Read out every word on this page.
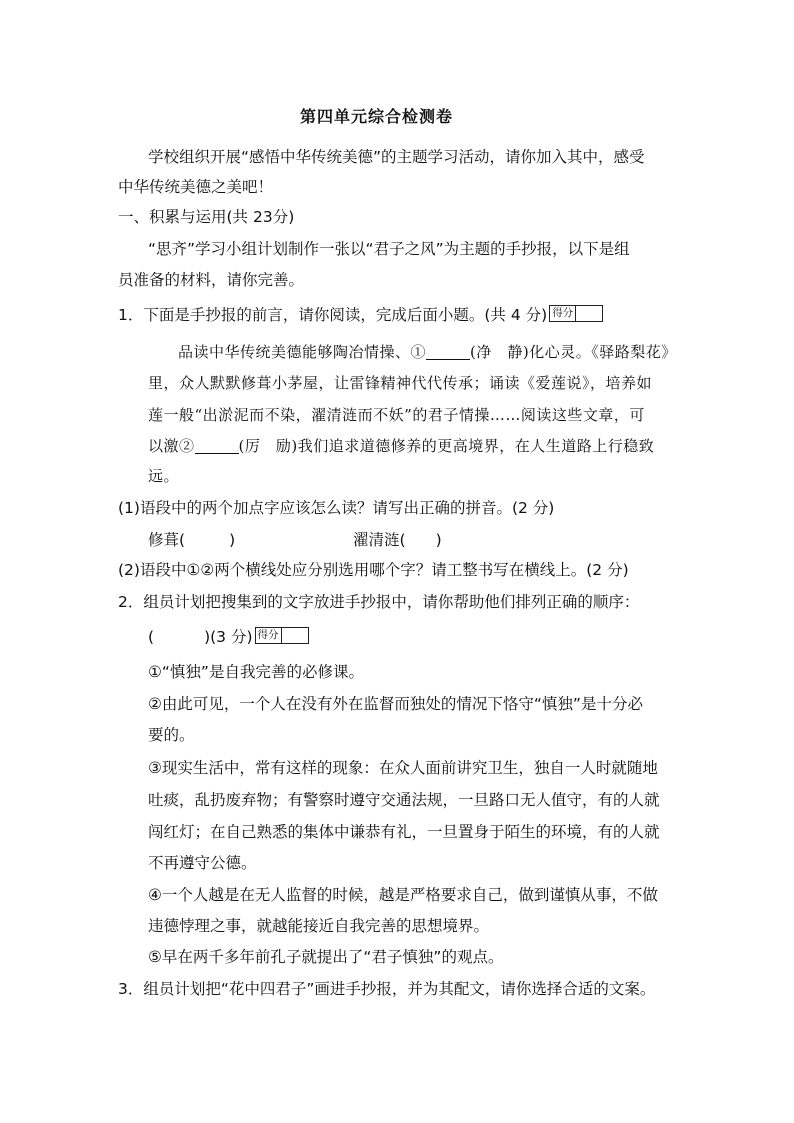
第四单元综合检测卷
学校组织开展“感悟中华传统美德”的主题学习活动，请你加入其中，感受
中华传统美德之美吧！
一、积累与运用(共 23分)
“思齐”学习小组计划制作一张以“君子之风”为主题的手抄报，以下是组
员准备的材料，请你完善。
1．下面是手抄报的前言，请你阅读，完成后面小题。(共 4 分) 得分
品读中华传统美德能够陶冶情操、①	(净　静)化心灵。《驿路梨花》
里，众人默默修葺小茅屋，让雷锋精神代代传承；诵读《爱莲说》，培养如
莲一般“出淤泥而不染，濯清涟而不妖”的君子情操……阅读这些文章，可
以激②	(厉　励)我们追求道德修养的更高境界，在人生道路上行稳致
远。
(1)语段中的两个加点字应该怎么读？请写出正确的拼音。(2 分)
修葺(	)	濯清涟( )
(2)语段中①②两个横线处应分别选用哪个字？请工整书写在横线上。(2 分)
2．组员计划把搜集到的文字放进手抄报中，请你帮助他们排列正确的顺序：
(	)(3 分) 得分
①“慎独”是自我完善的必修课。
②由此可见，一个人在没有外在监督而独处的情况下恪守“慎独”是十分必
要的。
③现实生活中，常有这样的现象：在众人面前讲究卫生，独自一人时就随地
吐痰，乱扔废弃物；有警察时遵守交通法规，一旦路口无人值守，有的人就
闯红灯；在自己熟悉的集体中谦恭有礼，一旦置身于陌生的环境，有的人就
不再遵守公德。
④一个人越是在无人监督的时候，越是严格要求自己，做到谨慎从事，不做
违德悖理之事，就越能接近自我完善的思想境界。
⑤早在两千多年前孔子就提出了“君子慎独”的观点。
3．组员计划把“花中四君子”画进手抄报，并为其配文，请你选择合适的文案。
